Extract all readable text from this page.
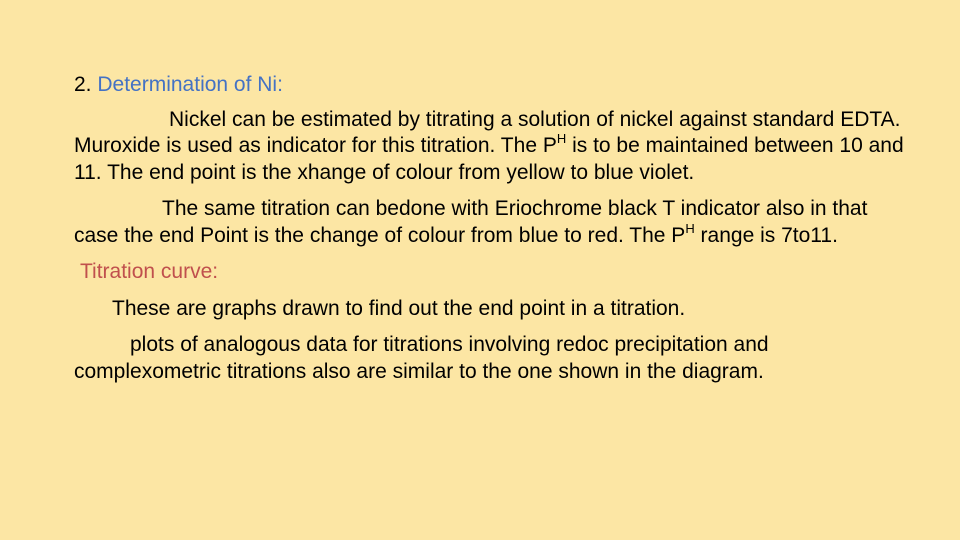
2. Determination of Ni:

Nickel can be estimated by titrating a solution of nickel against standard EDTA. Muroxide is used as indicator for this titration. The $P^H$ is to be maintained between 10 and 11. The end point is the xhange of colour from yellow to blue violet.

The same titration can bedone with Eriochrome black T indicator also in that case the end Point is the change of colour from blue to red. The $P^H$ range is 7to11.

Titration curve:

These are graphs drawn to find out the end point in a titration.

plots of analogous data for titrations involving redoc precipitation and complexometric titrations also are similar to the one shown in the diagram.
